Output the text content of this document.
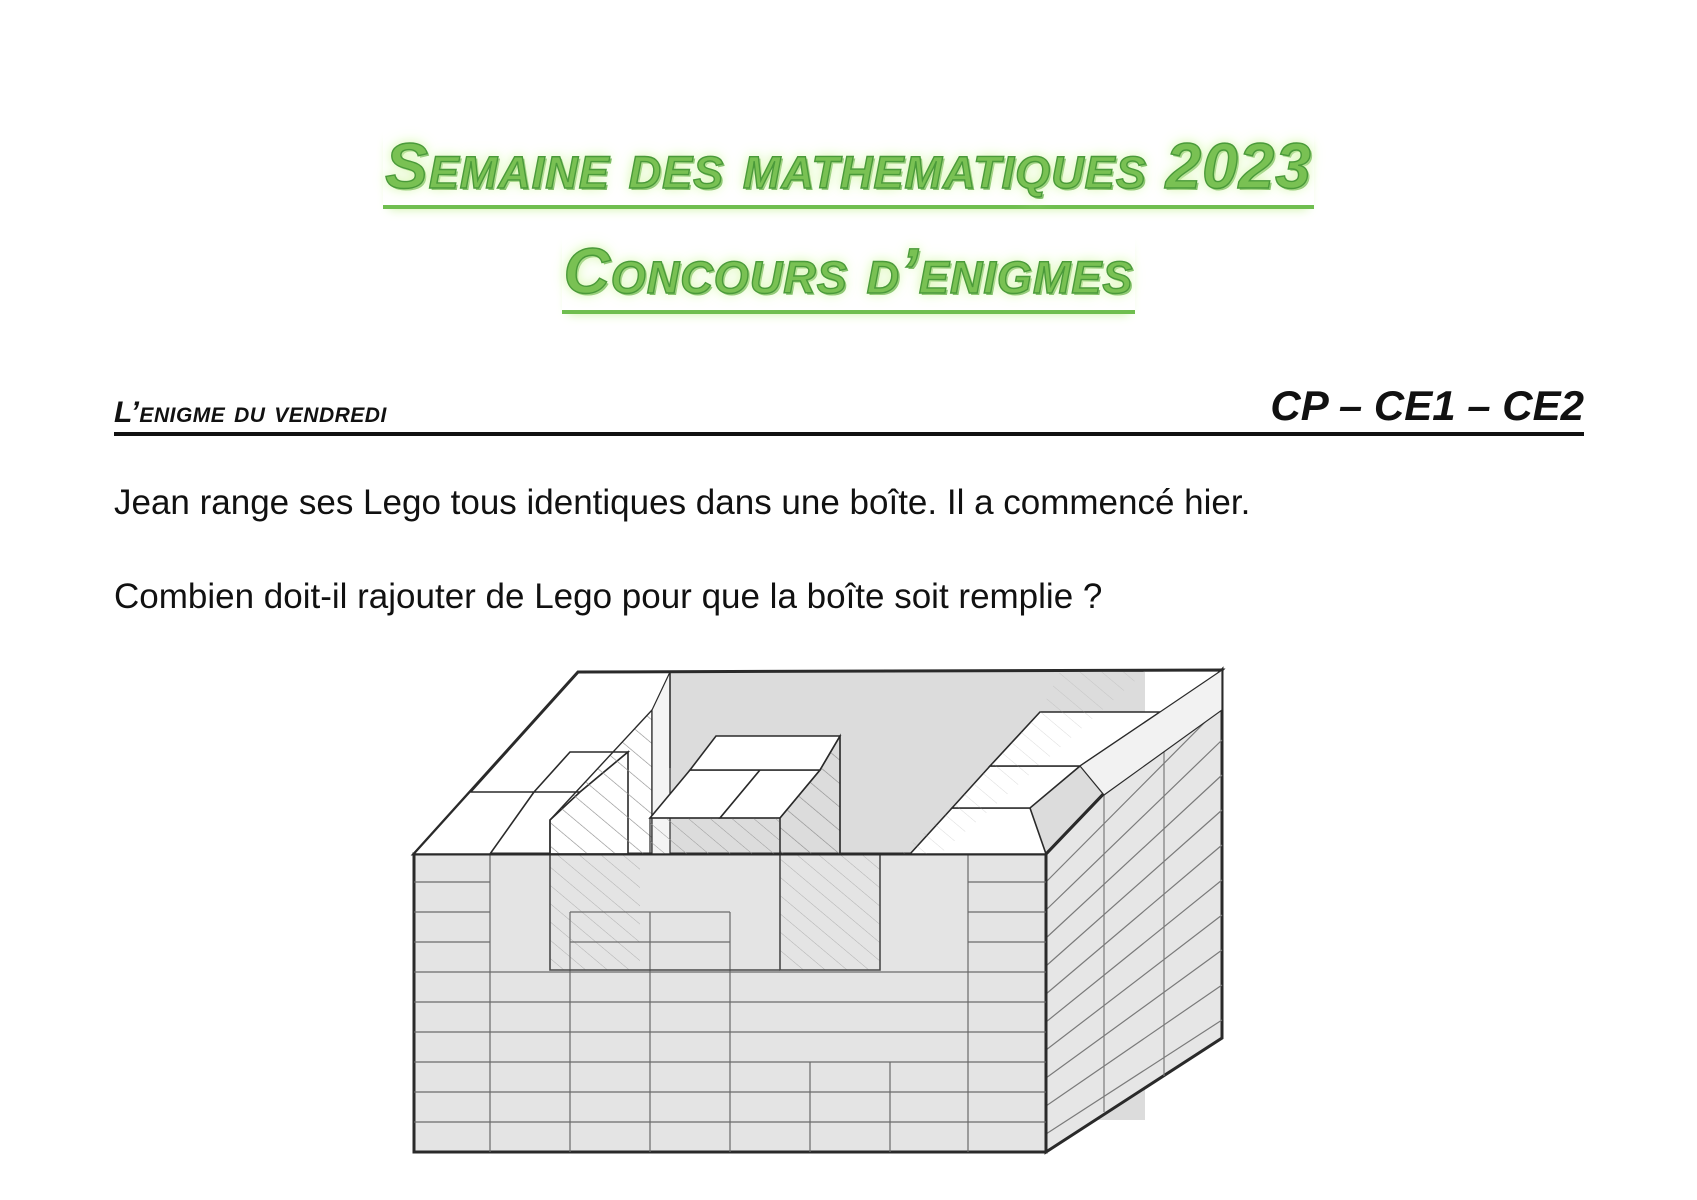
Semaine des mathematiques 2023
Concours d’enigmes
L’enigme du vendredi	CP – CE1 – CE2
Jean range ses Lego tous identiques dans une boîte. Il a commencé hier.
Combien doit-il rajouter de Lego pour que la boîte soit remplie ?
